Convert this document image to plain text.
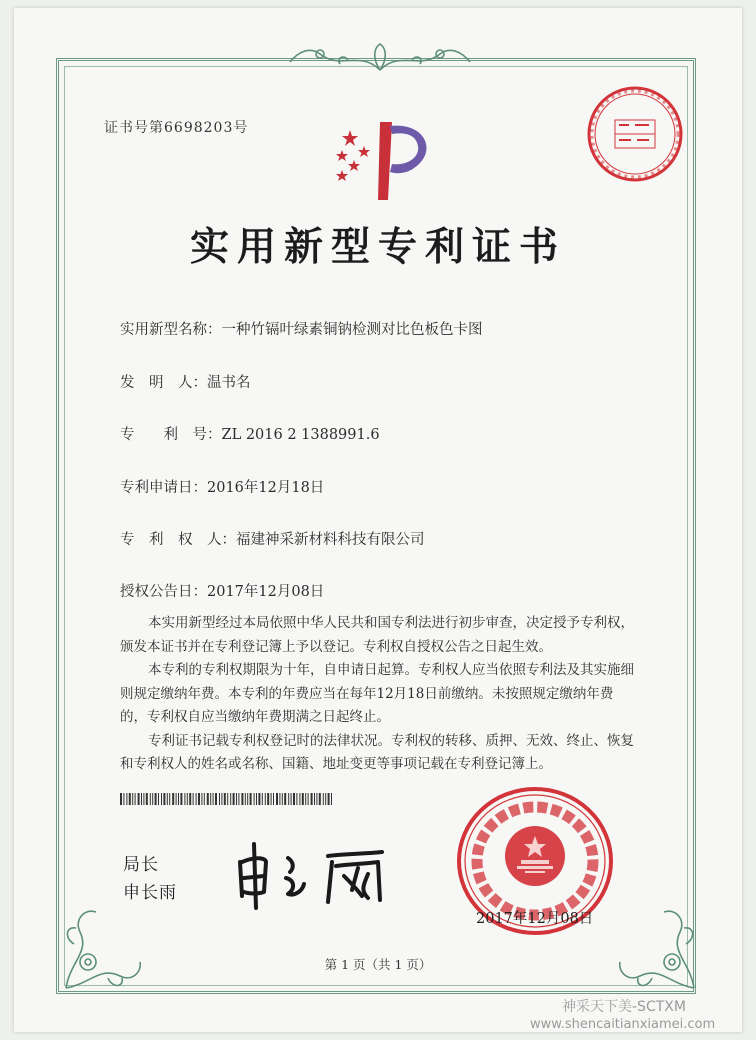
证书号第6698203号
实用新型专利证书
实用新型名称：一种竹镉叶绿素铜钠检测对比色板色卡图
发　明　人：温书名
专　　利　号：ZL 2016 2 1388991.6
专利申请日：2016年12月18日
专　利　权　人：福建神采新材料科技有限公司
授权公告日：2017年12月08日

本实用新型经过本局依照中华人民共和国专利法进行初步审查，决定授予专利权，颁发本证书并在专利登记簿上予以登记。专利权自授权公告之日起生效。

本专利的专利权期限为十年，自申请日起算。专利权人应当依照专利法及其实施细则规定缴纳年费。本专利的年费应当在每年12月18日前缴纳。未按照规定缴纳年费的，专利权自应当缴纳年费期满之日起终止。

专利证书记载专利权登记时的法律状况。专利权的转移、质押、无效、终止、恢复和专利权人的姓名或名称、国籍、地址变更等事项记载在专利登记簿上。

局长
申长雨
2017年12月08日
第 1 页（共 1 页）
神采天下美-SCTXM
www.shencaitianxiamei.com
